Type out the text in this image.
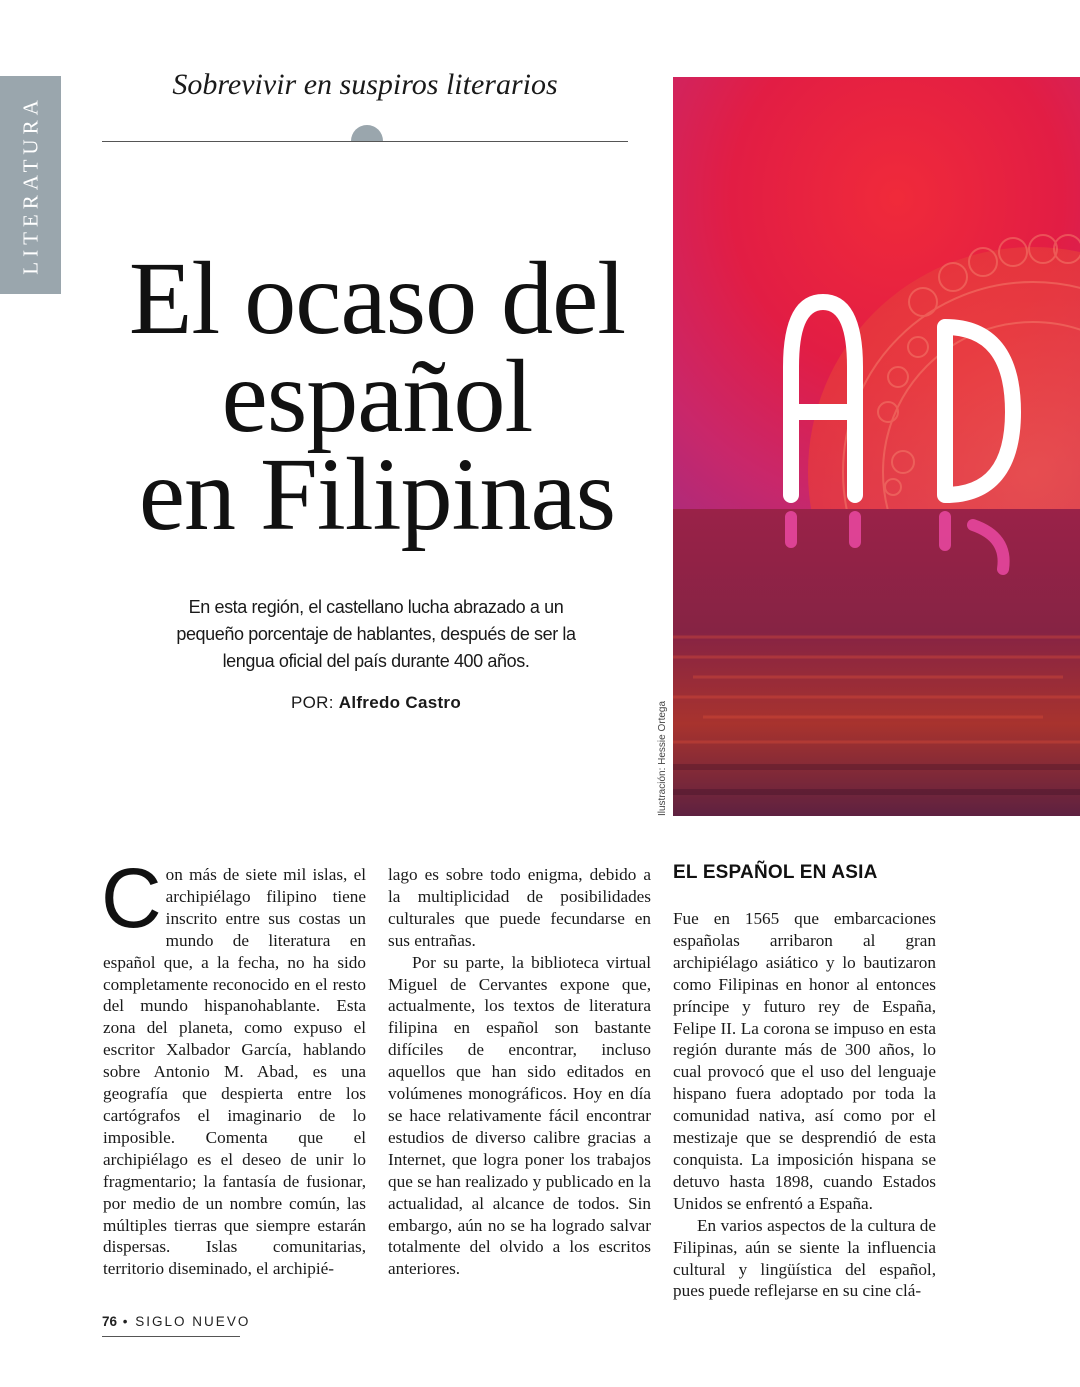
LITERATURA
Sobrevivir en suspiros literarios
El ocaso del
español
en Filipinas
En esta región, el castellano lucha abrazado a un pequeño porcentaje de hablantes, después de ser la lengua oficial del país durante 400 años.
POR: Alfredo Castro	Ilustración: Hessie Ortega

Con más de siete mil islas, el archipiélago filipino tiene inscrito entre sus costas un mundo de literatura en español que, a la fecha, no ha sido completamente reconocido en el resto del mundo hispanohablante. Esta zona del planeta, como expuso el escritor Xalbador García, hablando sobre Antonio M. Abad, es una geografía que despierta entre los cartógrafos el imaginario de lo imposible. Comenta que el archipiélago es el deseo de unir lo fragmentario; la fantasía de fusionar, por medio de un nombre común, las múltiples tierras que siempre estarán dispersas. Islas comunitarias, territorio diseminado, el archipié-

lago es sobre todo enigma, debido a la multiplicidad de posibilidades culturales que puede fecundarse en sus entrañas.

Por su parte, la biblioteca virtual Miguel de Cervantes expone que, actualmente, los textos de literatura filipina en español son bastante difíciles de encontrar, incluso aquellos que han sido editados en volúmenes monográficos. Hoy en día se hace relativamente fácil encontrar estudios de diverso calibre gracias a Internet, que logra poner los trabajos que se han realizado y publicado en la actualidad, al alcance de todos. Sin embargo, aún no se ha logrado salvar totalmente del olvido a los escritos anteriores.

EL ESPAÑOL EN ASIA

Fue en 1565 que embarcaciones españolas arribaron al gran archipiélago asiático y lo bautizaron como Filipinas en honor al entonces príncipe y futuro rey de España, Felipe II. La corona se impuso en esta región durante más de 300 años, lo cual provocó que el uso del lenguaje hispano fuera adoptado por toda la comunidad nativa, así como por el mestizaje que se desprendió de esta conquista. La imposición hispana se detuvo hasta 1898, cuando Estados Unidos se enfrentó a España.

En varios aspectos de la cultura de Filipinas, aún se siente la influencia cultural y lingüística del español, pues puede reflejarse en su cine clá-

76 • SIGLO NUEVO
